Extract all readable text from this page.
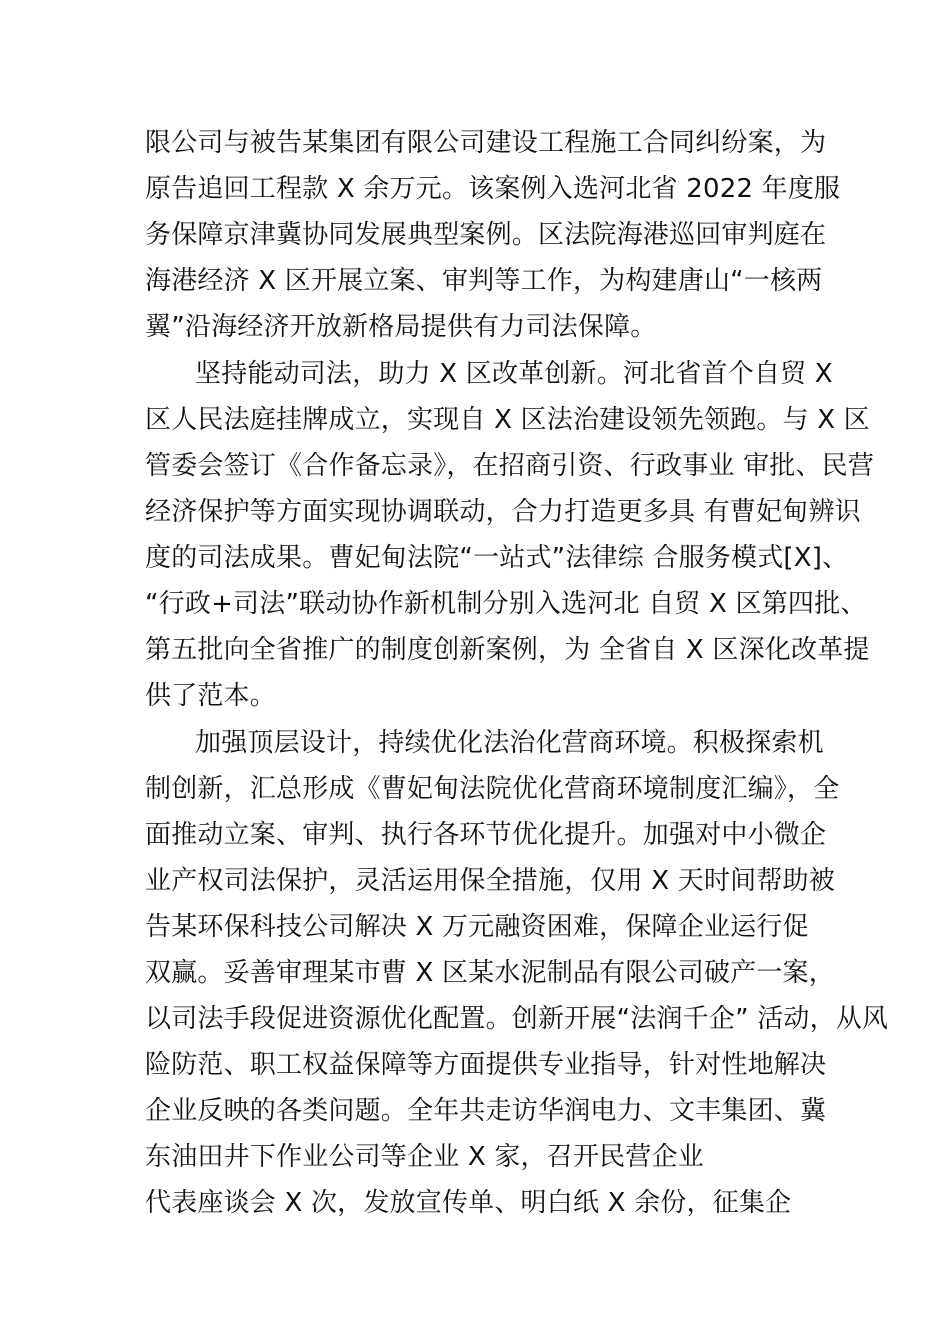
限公司与被告某集团有限公司建设工程施工合同纠纷案，为
原告追回工程款 X 余万元。该案例入选河北省 2022 年度服
务保障京津冀协同发展典型案例。区法院海港巡回审判庭在
海港经济 X 区开展立案、审判等工作，为构建唐山“一核两
翼”沿海经济开放新格局提供有力司法保障。
坚持能动司法，助力 X 区改革创新。河北省首个自贸 X
区人民法庭挂牌成立，实现自 X 区法治建设领先领跑。与 X 区
管委会签订《合作备忘录》，在招商引资、行政事业 审批、民营
经济保护等方面实现协调联动，合力打造更多具 有曹妃甸辨识
度的司法成果。曹妃甸法院“一站式”法律综 合服务模式[X]、
“行政+司法”联动协作新机制分别入选河北 自贸 X 区第四批、
第五批向全省推广的制度创新案例，为 全省自 X 区深化改革提
供了范本。
加强顶层设计，持续优化法治化营商环境。积极探索机
制创新，汇总形成《曹妃甸法院优化营商环境制度汇编》，全
面推动立案、审判、执行各环节优化提升。加强对中小微企
业产权司法保护，灵活运用保全措施，仅用 X 天时间帮助被
告某环保科技公司解决 X 万元融资困难，保障企业运行促
双赢。妥善审理某市曹 X 区某水泥制品有限公司破产一案，
以司法手段促进资源优化配置。创新开展“法润千企” 活动，从风
险防范、职工权益保障等方面提供专业指导，针对性地解决
企业反映的各类问题。全年共走访华润电力、文丰集团、冀
东油田井下作业公司等企业 X 家，召开民营企业
代表座谈会 X 次，发放宣传单、明白纸 X 余份，征集企
